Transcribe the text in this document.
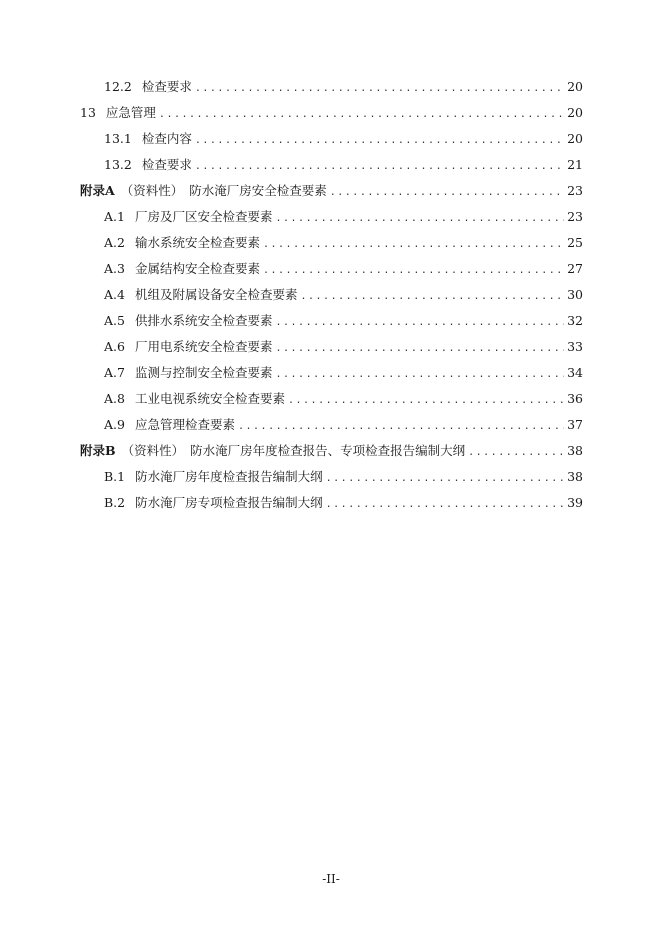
12.2 检查要求 .....	20
13 应急管理 .....	20
13.1 检查内容 .....	20
13.2 检查要求 .....	21
附录A （资料性） 防水淹厂房安全检查要素 .....	23
A.1 厂房及厂区安全检查要素 .....	23
A.2 输水系统安全检查要素 .....	25
A.3 金属结构安全检查要素 .....	27
A.4 机组及附属设备安全检查要素 .....	30
A.5 供排水系统安全检查要素 .....	32
A.6 厂用电系统安全检查要素 .....	33
A.7 监测与控制安全检查要素 .....	34
A.8 工业电视系统安全检查要素 .....	36
A.9 应急管理检查要素 .....	37
附录B （资料性） 防水淹厂房年度检查报告、专项检查报告编制大纲 .....	38
B.1 防水淹厂房年度检查报告编制大纲 .....	38
B.2 防水淹厂房专项检查报告编制大纲 .....	39
-II-
